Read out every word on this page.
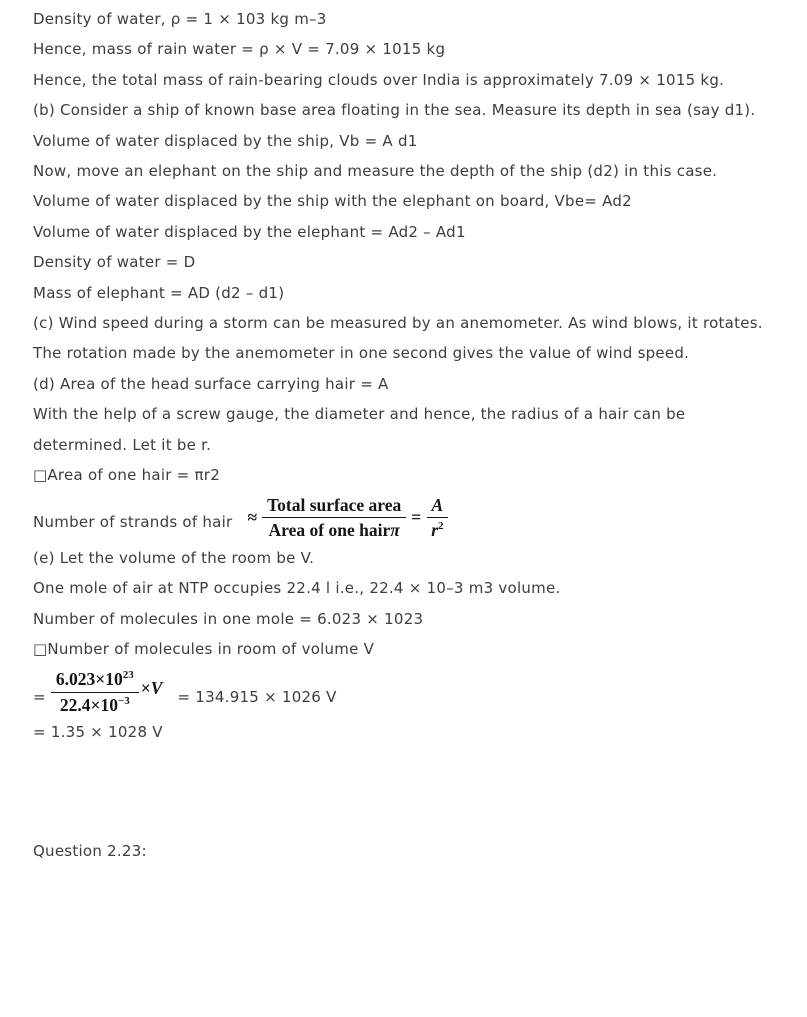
Density of water, ρ = 1 × 103 kg m–3

Hence, mass of rain water = ρ × V = 7.09 × 1015 kg

Hence, the total mass of rain-bearing clouds over India is approximately 7.09 × 1015 kg.

(b) Consider a ship of known base area floating in the sea. Measure its depth in sea (say d1).

Volume of water displaced by the ship, Vb = A d1

Now, move an elephant on the ship and measure the depth of the ship (d2) in this case.

Volume of water displaced by the ship with the elephant on board, Vbe= Ad2

Volume of water displaced by the elephant = Ad2 – Ad1

Density of water = D

Mass of elephant = AD (d2 – d1)

(c) Wind speed during a storm can be measured by an anemometer. As wind blows, it rotates. The rotation made by the anemometer in one second gives the value of wind speed.

(d) Area of the head surface carrying hair = A

With the help of a screw gauge, the diameter and hence, the radius of a hair can be determined. Let it be r.

□Area of one hair = πr2

Number of strands of hair
≈ $\frac{\text{Total surface area}}{\text{Area of one hairπ}} = \frac{A}{r^2}$

(e) Let the volume of the room be V.

One mole of air at NTP occupies 22.4 l i.e., 22.4 × 10–3 m3 volume.

Number of molecules in one mole = 6.023 × 1023

□Number of molecules in room of volume V

=
$\frac{6.023\times 10^{23}}{22.4\times 10^{-3}} \times V$
= 134.915 × 1026 V

= 1.35 × 1028 V

Question 2.23:
